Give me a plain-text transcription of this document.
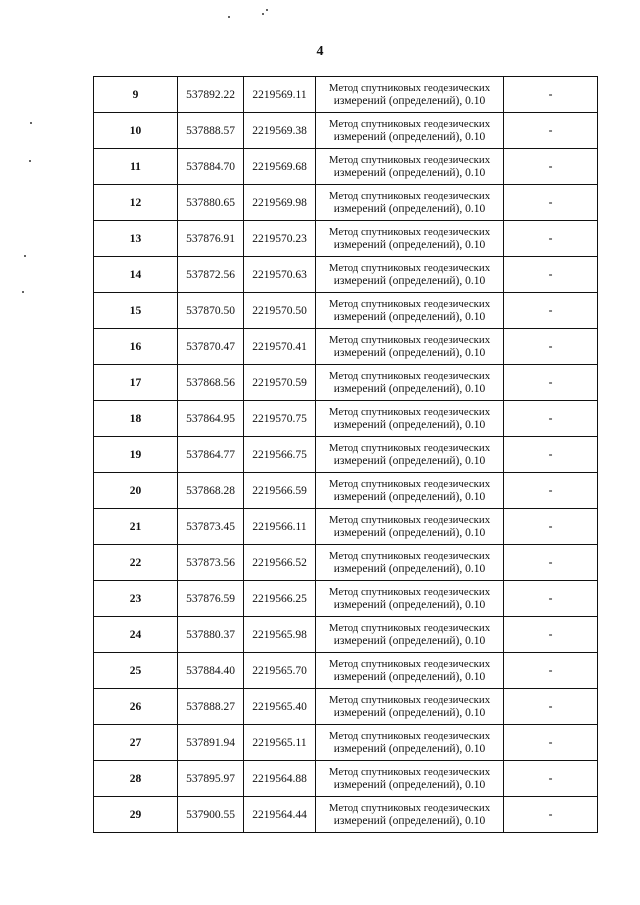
4
9	537892.22	2219569.11	Метод спутниковых геодезических
измерений (определений), 0.10	-
10	537888.57	2219569.38	Метод спутниковых геодезических
измерений (определений), 0.10	-
11	537884.70	2219569.68	Метод спутниковых геодезических
измерений (определений), 0.10	-
12	537880.65	2219569.98	Метод спутниковых геодезических
измерений (определений), 0.10	-
13	537876.91	2219570.23	Метод спутниковых геодезических
измерений (определений), 0.10	-
14	537872.56	2219570.63	Метод спутниковых геодезических
измерений (определений), 0.10	-
15	537870.50	2219570.50	Метод спутниковых геодезических
измерений (определений), 0.10	-
16	537870.47	2219570.41	Метод спутниковых геодезических
измерений (определений), 0.10	-
17	537868.56	2219570.59	Метод спутниковых геодезических
измерений (определений), 0.10	-
18	537864.95	2219570.75	Метод спутниковых геодезических
измерений (определений), 0.10	-
19	537864.77	2219566.75	Метод спутниковых геодезических
измерений (определений), 0.10	-
20	537868.28	2219566.59	Метод спутниковых геодезических
измерений (определений), 0.10	-
21	537873.45	2219566.11	Метод спутниковых геодезических
измерений (определений), 0.10	-
22	537873.56	2219566.52	Метод спутниковых геодезических
измерений (определений), 0.10	-
23	537876.59	2219566.25	Метод спутниковых геодезических
измерений (определений), 0.10	-
24	537880.37	2219565.98	Метод спутниковых геодезических
измерений (определений), 0.10	-
25	537884.40	2219565.70	Метод спутниковых геодезических
измерений (определений), 0.10	-
26	537888.27	2219565.40	Метод спутниковых геодезических
измерений (определений), 0.10	-
27	537891.94	2219565.11	Метод спутниковых геодезических
измерений (определений), 0.10	-
28	537895.97	2219564.88	Метод спутниковых геодезических
измерений (определений), 0.10	-
29	537900.55	2219564.44	Метод спутниковых геодезических
измерений (определений), 0.10	-
